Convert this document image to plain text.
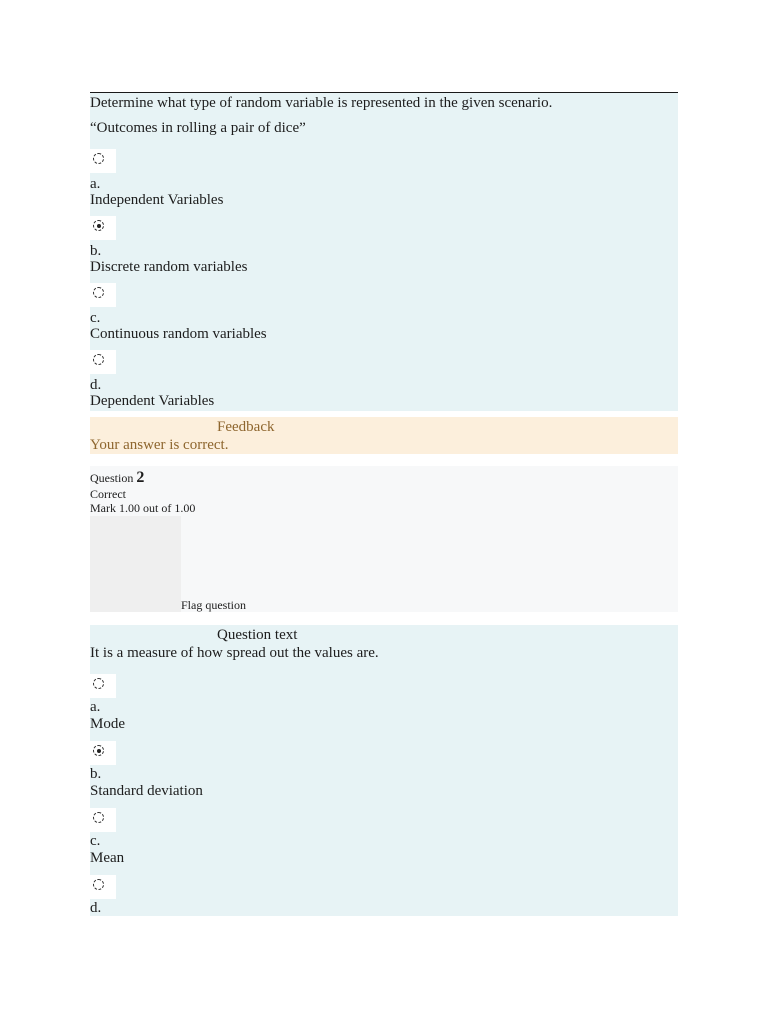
Determine what type of random variable is represented in the given scenario.
“Outcomes in rolling a pair of dice”
a.
Independent Variables
b.
Discrete random variables
c.
Continuous random variables
d.
Dependent Variables
Feedback
Your answer is correct.
Question 2
Correct
Mark 1.00 out of 1.00
Flag question
Question text
It is a measure of how spread out the values are.
a.
Mode
b.
Standard deviation
c.
Mean
d.
